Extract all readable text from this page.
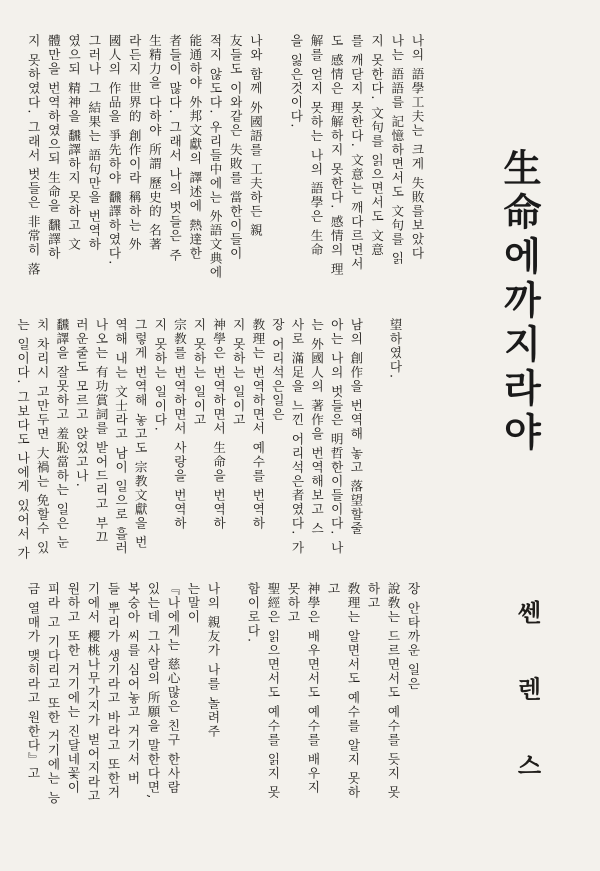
生命에까지라야
쎈 렌 스
나의 語學工夫는 크게 失敗를보았다
나는 語語를 記憶하면서도 文句를 읽
지 못한다. 文句를 읽으면서도 文意
를 깨닫지 못한다. 文意는 깨다르면서
도 感情은 理解하지 못한다. 感情의 理
解를 얻지 못하는 나의 語學은 生命
을 잃은것이다.
나와 함께 外國語를 工夫하든 親
友들도 이와같은 失敗를 當한이들이
적지 않도다. 우리들中에는 外語文典에
能通하야 外邦文獻의 譯述에 熱達한
者들이 많다. 그래서 나의 벗들은 주
生精力을 다하야 所謂 歷史的 名著
라든지 世界的 創作이라 稱하는 外
國人의 作品을 爭先하야 飜譯하였다.
그러나 그 結果는 語句만을 번역하
였으되 精神을 飜譯하지 못하고 文
體만을 번역하였으되 生命을 飜譯하
지 못하였다. 그래서 벗들은 非常히 落
望하였다.
남의 創作을 번역해 놓고 落望할줄
아는 나의 벗들은 明哲한이들이다. 나
는 外國人의 著作을 번역해보고 스
사로 滿足을 느낀 어리석은者였다. 가
장 어리석은일은
教理는 번역하면서 예수를 번역하
지 못하는 일이고
神學은 번역하면서 生命을 번역하
지 못하는 일이고
宗教를 번역하면서 사랑을 번역하
지 못하는 일이다.
그렇게 번역해 놓고도 宗教文獻을 번
역해 내는 文士라고 남이 일으로 흘러
나오는 有功賞詞를 받어드리고 부끄
러운줄도 모르고 앉었고나.
飜譯을 잘못하고 羞恥當하는 일은 눈
치 차리시 고만두면 大禍는 免할수 있
는 일이다. 그보다도 나에게 있어서 가
장 안타까운 일은
說敎는 드르면서도 예수를 듯지 못
하고
敎理는 알면서도 예수를 알지 못하
고
神學은 배우면서도 예수를 배우지
못하고
聖經은 읽으면서도 예수를 읽지 못
함이로다.
나의 親友가 나를 놀려주
는말이
『나에게는 慈心많은 친구 한사람
있는데 그사람의 所願을 말한다면,
복숭아 씨를 심어놓고 거기서 버
들 뿌리가 생기라고 바라고 또한거
기에서 櫻桃나무가지가 벋어지라고
원하고 또한 거기에는 진달네꽃이
피라 고 기다리고 또한 거기에는 능
금 열매가 맺히라고 원한다』고
